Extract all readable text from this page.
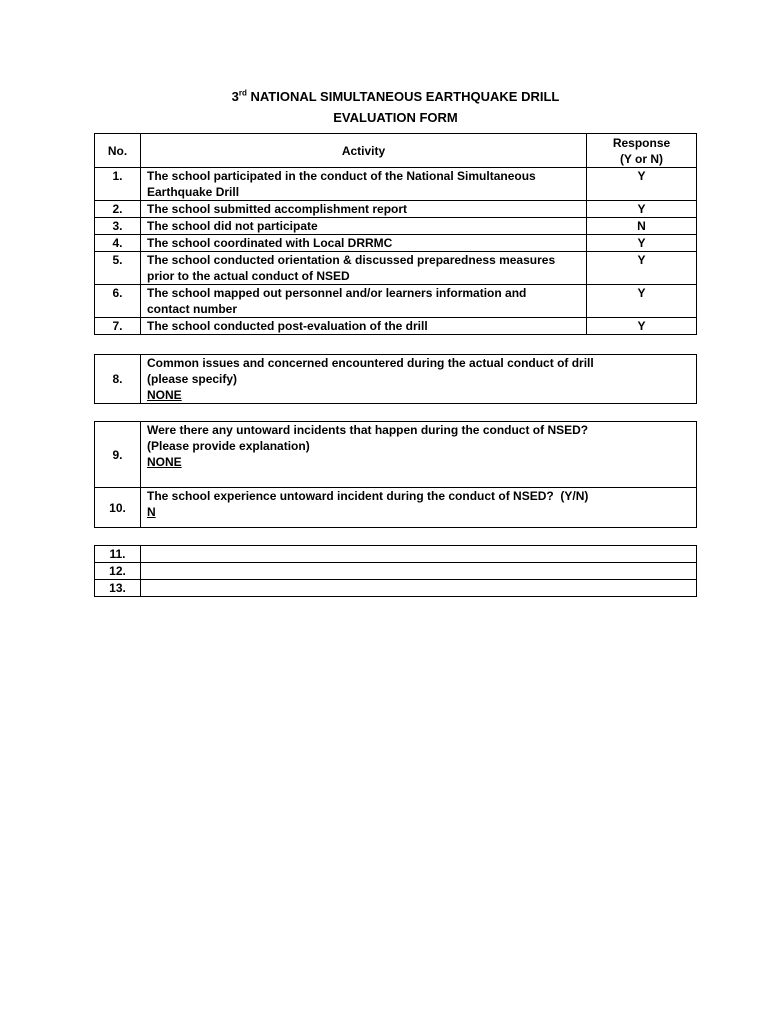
3rd NATIONAL SIMULTANEOUS EARTHQUAKE DRILL
EVALUATION FORM
No.	Activity	Response
(Y or N)

1.	The school participated in the conduct of the National Simultaneous
Earthquake Drill	Y
2.	The school submitted accomplishment report	Y
3.	The school did not participate	N
4.	The school coordinated with Local DRRMC	Y
5.	The school conducted orientation & discussed preparedness measures
prior to the actual conduct of NSED	Y
6.	The school mapped out personnel and/or learners information and
contact number	Y
7.	The school conducted post-evaluation of the drill	Y
8.	
Common issues and concerned encountered during the actual conduct of drill
(please specify)
NONE
9.	Were there any untoward incidents that happen during the conduct of NSED?
(Please provide explanation)
NONE

10.	The school experience untoward incident during the conduct of NSED?  (Y/N)
N
11.	
12.	
13.	
